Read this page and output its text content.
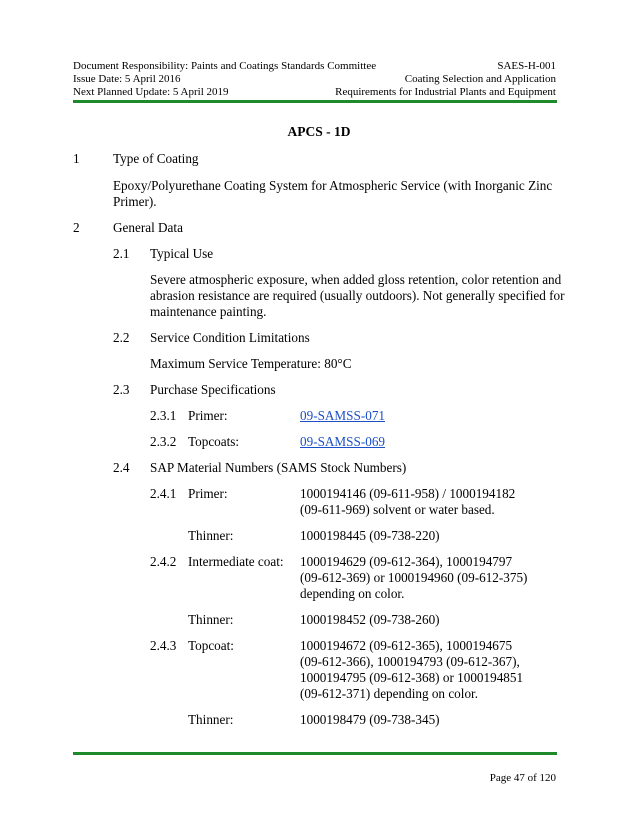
Document Responsibility: Paints and Coatings Standards Committee	SAES-H-001
Issue Date: 5 April 2016	Coating Selection and Application
Next Planned Update: 5 April 2019	Requirements for Industrial Plants and Equipment
APCS - 1D
1	Type of Coating
Epoxy/Polyurethane Coating System for Atmospheric Service (with Inorganic Zinc
Primer).
2	General Data
2.1 Typical Use
Severe atmospheric exposure, when added gloss retention, color retention and
abrasion resistance are required (usually outdoors). Not generally specified for
maintenance painting.
2.2 Service Condition Limitations
Maximum Service Temperature: 80°C
2.3 Purchase Specifications
2.3.1 Primer:	09-SAMSS-071
2.3.2 Topcoats:	09-SAMSS-069
2.4 SAP Material Numbers (SAMS Stock Numbers)
2.4.1 Primer:	1000194146 (09-611-958) / 1000194182
(09-611-969) solvent or water based.
Thinner:	1000198445 (09-738-220)
2.4.2 Intermediate coat: 1000194629 (09-612-364), 1000194797
(09-612-369) or 1000194960 (09-612-375)
depending on color.
Thinner:	1000198452 (09-738-260)
2.4.3 Topcoat:	1000194672 (09-612-365), 1000194675
(09-612-366), 1000194793 (09-612-367),
1000194795 (09-612-368) or 1000194851
(09-612-371) depending on color.
Thinner:	1000198479 (09-738-345)
Page 47 of 120
